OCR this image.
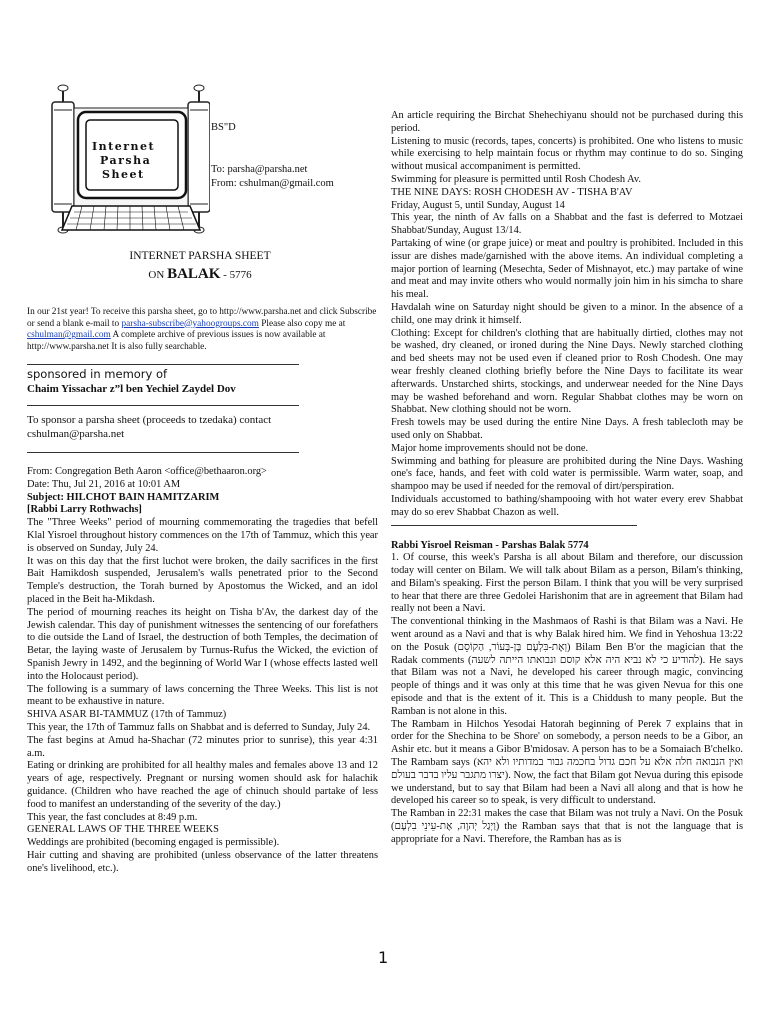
Internet
Parsha
Sheet
BS"D
To: parsha@parsha.net
From: cshulman@gmail.com
INTERNET PARSHA SHEET
ON BALAK - 5776
In our 21st year! To receive this parsha sheet, go to http://www.parsha.net and click Subscribe or send a blank e-mail to parsha-subscribe@yahoogroups.com Please also copy me at cshulman@gmail.com A complete archive of previous issues is now available at http://www.parsha.net It is also fully searchable.
sponsored in memory of
Chaim Yissachar z”l ben Yechiel Zaydel Dov
To sponsor a parsha sheet (proceeds to tzedaka) contact
cshulman@parsha.net

From: Congregation Beth Aaron <office@bethaaron.org>

Date: Thu, Jul 21, 2016 at 10:01 AM

Subject: HILCHOT BAIN HAMITZARIM

[Rabbi Larry Rothwachs]

The "Three Weeks" period of mourning commemorating the tragedies that befell Klal Yisroel throughout history commences on the 17th of Tammuz, which this year is observed on Sunday, July 24.

It was on this day that the first luchot were broken, the daily sacrifices in the first Bait Hamikdosh suspended, Jerusalem's walls penetrated prior to the Second Temple's destruction, the Torah burned by Apostomus the Wicked, and an idol placed in the Beit ha-Mikdash.

The period of mourning reaches its height on Tisha b'Av, the darkest day of the Jewish calendar. This day of punishment witnesses the sentencing of our forefathers to die outside the Land of Israel, the destruction of both Temples, the decimation of Betar, the laying waste of Jerusalem by Turnus-Rufus the Wicked, the eviction of Spanish Jewry in 1492, and the beginning of World War I (whose effects lasted well into the Holocaust period).

The following is a summary of laws concerning the Three Weeks. This list is not meant to be exhaustive in nature.

SHIVA ASAR BI-TAMMUZ (17th of Tammuz)

This year, the 17th of Tammuz falls on Shabbat and is deferred to Sunday, July 24.

The fast begins at Amud ha-Shachar (72 minutes prior to sunrise), this year 4:31 a.m.

Eating or drinking are prohibited for all healthy males and females above 13 and 12 years of age, respectively. Pregnant or nursing women should ask for halachik guidance. (Children who have reached the age of chinuch should partake of less food to manifest an understanding of the severity of the day.)

This year, the fast concludes at 8:49 p.m.

GENERAL LAWS OF THE THREE WEEKS

Weddings are prohibited (becoming engaged is permissible).

Hair cutting and shaving are prohibited (unless observance of the latter threatens one's livelihood, etc.).

An article requiring the Birchat Shehechiyanu should not be purchased during this period.

Listening to music (records, tapes, concerts) is prohibited. One who listens to music while exercising to help maintain focus or rhythm may continue to do so. Singing without musical accompaniment is permitted.

Swimming for pleasure is permitted until Rosh Chodesh Av.

THE NINE DAYS: ROSH CHODESH AV - TISHA B'AV

Friday, August 5, until Sunday, August 14

This year, the ninth of Av falls on a Shabbat and the fast is deferred to Motzaei Shabbat/Sunday, August 13/14.

Partaking of wine (or grape juice) or meat and poultry is prohibited. Included in this issur are dishes made/garnished with the above items. An individual completing a major portion of learning (Mesechta, Seder of Mishnayot, etc.) may partake of wine and meat and may invite others who would normally join him in his simcha to share his meal.

Havdalah wine on Saturday night should be given to a minor. In the absence of a child, one may drink it himself.

Clothing: Except for children's clothing that are habitually dirtied, clothes may not be washed, dry cleaned, or ironed during the Nine Days. Newly starched clothing and bed sheets may not be used even if cleaned prior to Rosh Chodesh. One may wear freshly cleaned clothing briefly before the Nine Days to facilitate its wear afterwards. Unstarched shirts, stockings, and underwear needed for the Nine Days may be washed beforehand and worn. Regular Shabbat clothes may be worn on Shabbat. New clothing should not be worn.

Fresh towels may be used during the entire Nine Days. A fresh tablecloth may be used only on Shabbat.

Major home improvements should not be done.

Swimming and bathing for pleasure are prohibited during the Nine Days. Washing one's face, hands, and feet with cold water is permissible. Warm water, soap, and shampoo may be used if needed for the removal of dirt/perspiration.

Individuals accustomed to bathing/shampooing with hot water every erev Shabbat may do so erev Shabbat Chazon as well.

Rabbi Yisroel Reisman - Parshas Balak 5774

1. Of course, this week's Parsha is all about Bilam and therefore, our discussion today will center on Bilam. We will talk about Bilam as a person, Bilam's thinking, and Bilam's speaking. First the person Bilam. I think that you will be very surprised to hear that there are three Gedolei Harishonim that are in agreement that Bilam had really not been a Navi.

The conventional thinking in the Mashmaos of Rashi is that Bilam was a Navi. He went around as a Navi and that is why Balak hired him. We find in Yehoshua 13:22 on the Posuk (וְאֶת-בִּלְעָם בֶּן-בְּעוֹר, הַקוֹסֵם) Bilam Ben B'or the magician that the Radak comments (להודיע כי לא נביא היה אלא קוסם ונבואתו הייתה לשעה). He says that Bilam was not a Navi, he developed his career through magic, convincing people of things and it was only at this time that he was given Nevua for this one episode and that is the extent of it. This is a Chiddush to many people. But the Ramban is not alone in this.

The Rambam in Hilchos Yesodai Hatorah beginning of Perek 7 explains that in order for the Shechina to be Shore' on somebody, a person needs to be a Gibor, an Ashir etc. but it means a Gibor B'midosav. A person has to be a Somaiach B'chelko. The Rambam says (ואין הנבואה חלה אלא על חכם גדול בחכמה גבור במדותיו ולא יהא יצרו מתגבר עליו בדבר בעולם). Now, the fact that Bilam got Nevua during this episode we understand, but to say that Bilam had been a Navi all along and that is how he developed his career so to speak, is very difficult to understand.

The Ramban in 22:31 makes the case that Bilam was not truly a Navi. On the Posuk (וַיְגַל יְהוָה, אֶת-עֵינֵי בִלְעָם) the Ramban says that that is not the language that is appropriate for a Navi. Therefore, the Ramban has as is

1
